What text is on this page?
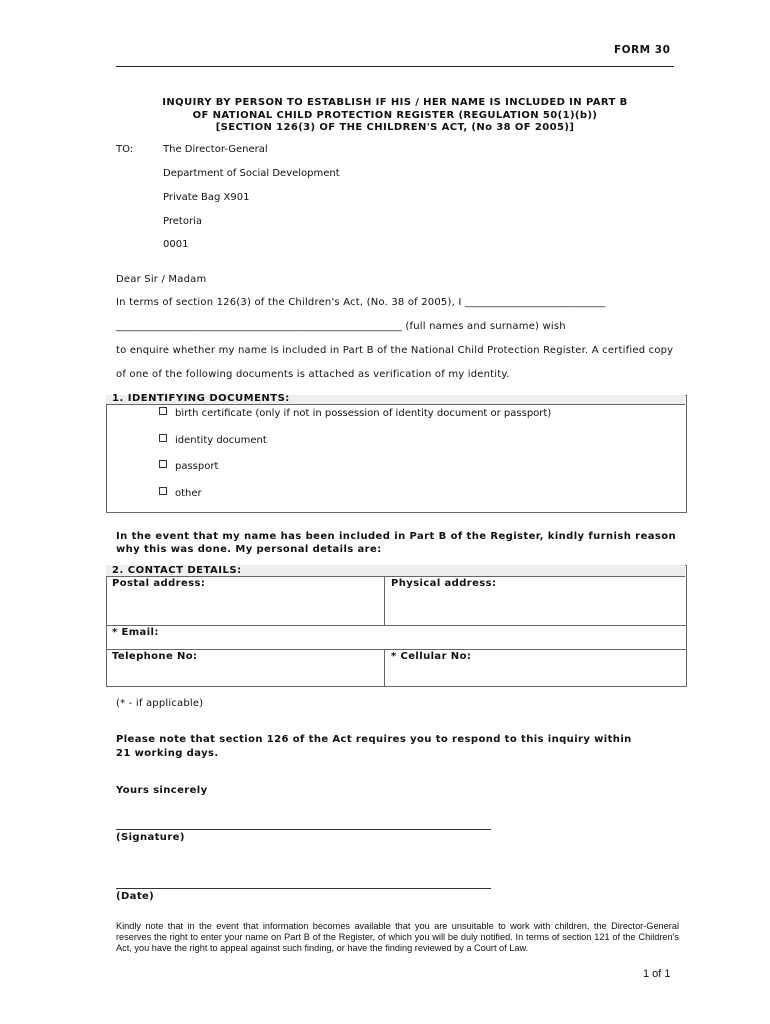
FORM 30
INQUIRY BY PERSON TO ESTABLISH IF HIS / HER NAME IS INCLUDED IN PART B
OF NATIONAL CHILD PROTECTION REGISTER (REGULATION 50(1)(b))
[SECTION 126(3) OF THE CHILDREN'S ACT, (No 38 OF 2005)]
TO:	The Director-General
Department of Social Development
Private Bag X901
Pretoria
0001
Dear Sir / Madam
In terms of section 126(3) of the Children's Act, (No. 38 of 2005), I ___________________________
_______________________________________________________ (full names and surname) wish
to enquire whether my name is included in Part B of the National Child Protection Register. A certified copy
of one of the following documents is attached as verification of my identity.
1. IDENTIFYING DOCUMENTS:
birth certificate (only if not in possession of identity document or passport)
identity document
passport
other
In the event that my name has been included in Part B of the Register, kindly furnish reason why this was done. My personal details are:
2. CONTACT DETAILS:
Postal address:	Physical address:
* Email:
Telephone No:	* Cellular No:
(* - if applicable)
Please note that section 126 of the Act requires you to respond to this inquiry within
21 working days.
Yours sincerely
(Signature)
(Date)
Kindly note that in the event that information becomes available that you are unsuitable to work with children, the Director-General reserves the right to enter your name on Part B of the Register, of which you will be duly notified. In terms of section 121 of the Children's Act, you have the right to appeal against such finding, or have the finding reviewed by a Court of Law.
1 of 1
